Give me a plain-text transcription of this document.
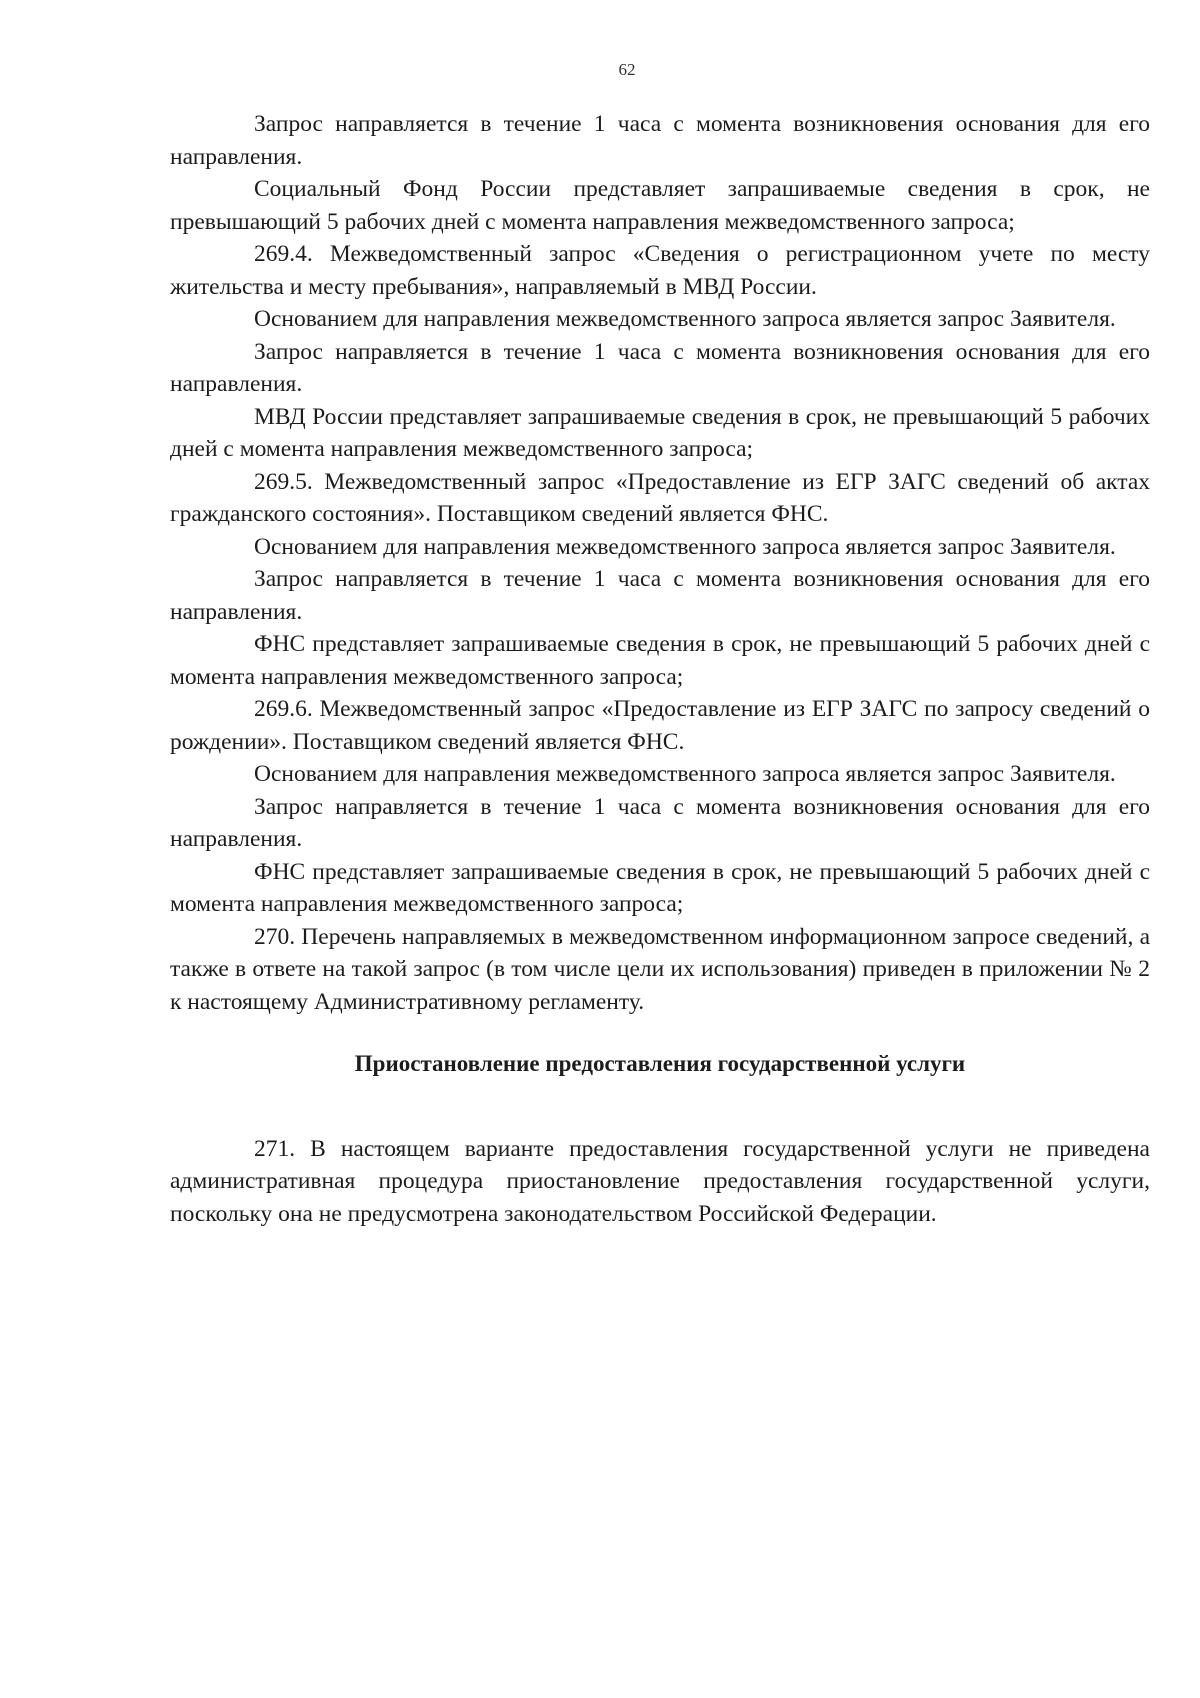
62

Запрос направляется в течение 1 часа с момента возникновения основания для его направления.

Социальный Фонд России представляет запрашиваемые сведения в срок, не превышающий 5 рабочих дней с момента направления межведомственного запроса;

269.4. Межведомственный запрос «Сведения о регистрационном учете по месту жительства и месту пребывания», направляемый в МВД России.

Основанием для направления межведомственного запроса является запрос Заявителя.

Запрос направляется в течение 1 часа с момента возникновения основания для его направления.

МВД России представляет запрашиваемые сведения в срок, не превышающий 5 рабочих дней с момента направления межведомственного запроса;

269.5. Межведомственный запрос «Предоставление из ЕГР ЗАГС сведений об актах гражданского состояния». Поставщиком сведений является ФНС.

Основанием для направления межведомственного запроса является запрос Заявителя.

Запрос направляется в течение 1 часа с момента возникновения основания для его направления.

ФНС представляет запрашиваемые сведения в срок, не превышающий 5 рабочих дней с момента направления межведомственного запроса;

269.6. Межведомственный запрос «Предоставление из ЕГР ЗАГС по запросу сведений о рождении». Поставщиком сведений является ФНС.

Основанием для направления межведомственного запроса является запрос Заявителя.

Запрос направляется в течение 1 часа с момента возникновения основания для его направления.

ФНС представляет запрашиваемые сведения в срок, не превышающий 5 рабочих дней с момента направления межведомственного запроса;

270. Перечень направляемых в межведомственном информационном запросе сведений, а также в ответе на такой запрос (в том числе цели их использования) приведен в приложении № 2 к настоящему Административному регламенту.

Приостановление предоставления государственной услуги

271. В настоящем варианте предоставления государственной услуги не приведена административная процедура приостановление предоставления государственной услуги, поскольку она не предусмотрена законодательством Российской Федерации.
